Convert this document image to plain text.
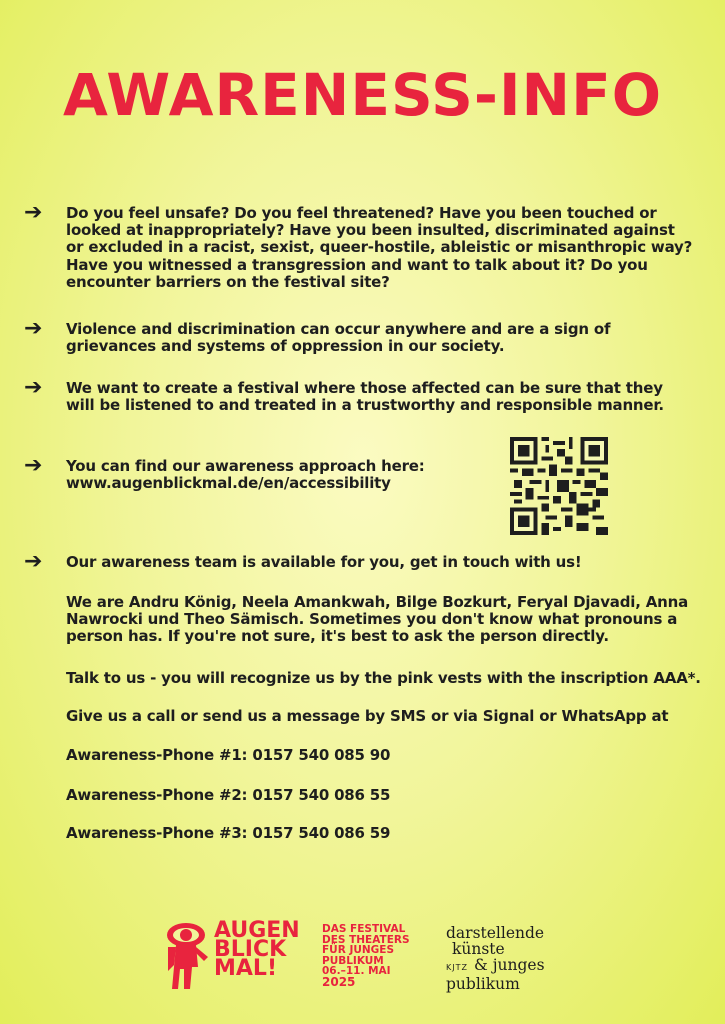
AWARENESS-INFO
➔ Do you feel unsafe? Do you feel threatened? Have you been touched or looked at inappropriately? Have you been insulted, discriminated against or excluded in a racist, sexist, queer-hostile, ableistic or misanthropic way? Have you witnessed a transgression and want to talk about it? Do you encounter barriers on the festival site?
➔ Violence and discrimination can occur anywhere and are a sign of grievances and systems of oppression in our society.
➔ We want to create a festival where those affected can be sure that they will be listened to and treated in a trustworthy and responsible manner.
➔ You can find our awareness approach here:
www.augenblickmal.de/en/accessibility
➔ Our awareness team is available for you, get in touch with us!
We are Andru König, Neela Amankwah, Bilge Bozkurt, Feryal Djavadi, Anna Nawrocki und Theo Sämisch. Sometimes you don't know what pronouns a person has. If you're not sure, it's best to ask the person directly.
Talk to us - you will recognize us by the pink vests with the inscription AAA*.
Give us a call or send us a message by SMS or via Signal or WhatsApp at
Awareness-Phone #1: 0157 540 085 90
Awareness-Phone #2: 0157 540 086 55
Awareness-Phone #3: 0157 540 086 59
AUGEN
BLICK
MAL!
DAS FESTIVAL
DES THEATERS
FÜR JUNGES
PUBLIKUM
06.–11. MAI
2025
darstellende
künste
KJTZ & junges
publikum
